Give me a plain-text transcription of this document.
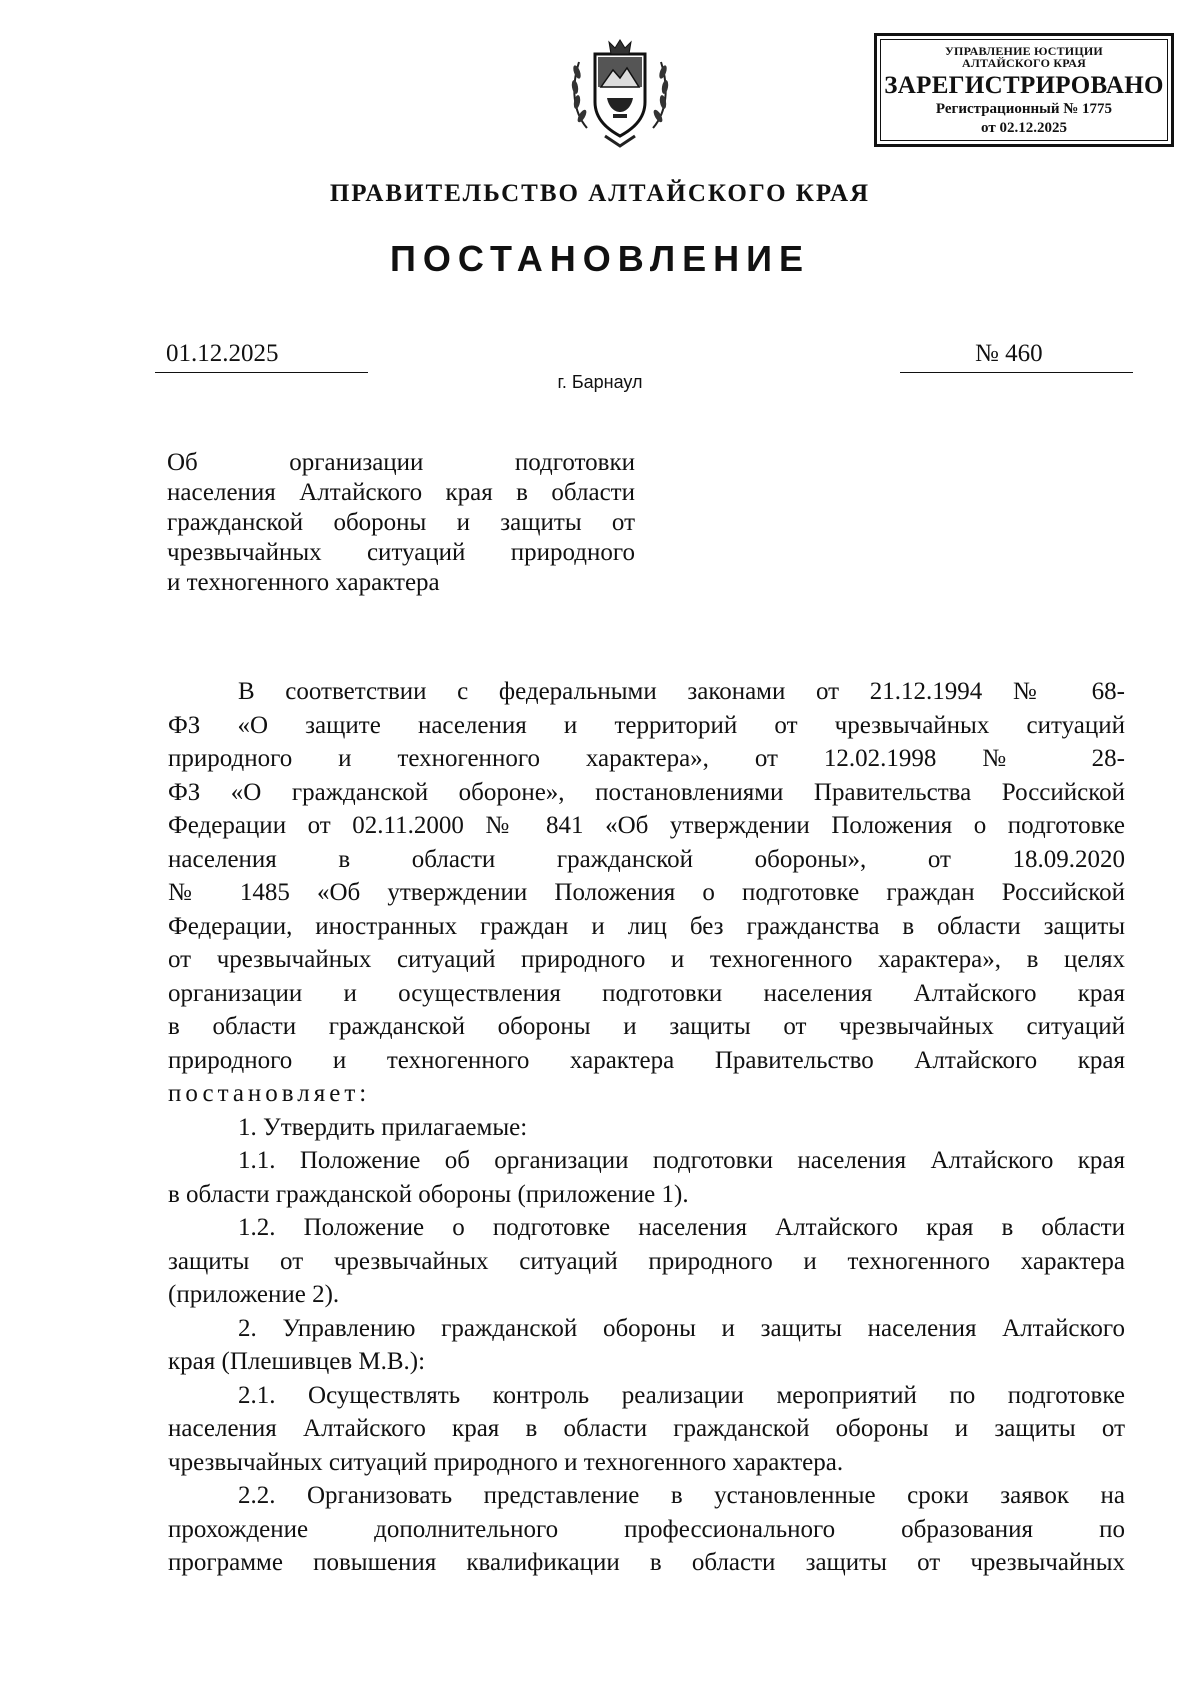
УПРАВЛЕНИЕ ЮСТИЦИИ
АЛТАЙСКОГО КРАЯ
ЗАРЕГИСТРИРОВАНО
Регистрационный № 1775
от 02.12.2025
ПРАВИТЕЛЬСТВО АЛТАЙСКОГО КРАЯ
ПОСТАНОВЛЕНИЕ
01.12.2025	№ 460
г. Барнаул
Об организации подготовки
населения Алтайского края в области
гражданской обороны и защиты от
чрезвычайных ситуаций природного
и техногенного характера
В соответствии с федеральными законами от 21.12.1994 № 68-
ФЗ «О защите населения и территорий от чрезвычайных ситуаций
природного и техногенного характера», от 12.02.1998 № 28-
ФЗ «О гражданской обороне», постановлениями Правительства Российской
Федерации от 02.11.2000 № 841 «Об утверждении Положения о подготовке
населения в области гражданской обороны», от 18.09.2020
№ 1485 «Об утверждении Положения о подготовке граждан Российской
Федерации, иностранных граждан и лиц без гражданства в области защиты
от чрезвычайных ситуаций природного и техногенного характера», в целях
организации и осуществления подготовки населения Алтайского края
в области гражданской обороны и защиты от чрезвычайных ситуаций
природного и техногенного характера Правительство Алтайского края
постановляет:
1. Утвердить прилагаемые:
1.1. Положение об организации подготовки населения Алтайского края
в области гражданской обороны (приложение 1).
1.2. Положение о подготовке населения Алтайского края в области
защиты от чрезвычайных ситуаций природного и техногенного характера
(приложение 2).
2. Управлению гражданской обороны и защиты населения Алтайского
края (Плешивцев М.В.):
2.1. Осуществлять контроль реализации мероприятий по подготовке
населения Алтайского края в области гражданской обороны и защиты от
чрезвычайных ситуаций природного и техногенного характера.
2.2. Организовать представление в установленные сроки заявок на
прохождение дополнительного профессионального образования по
программе повышения квалификации в области защиты от чрезвычайных
